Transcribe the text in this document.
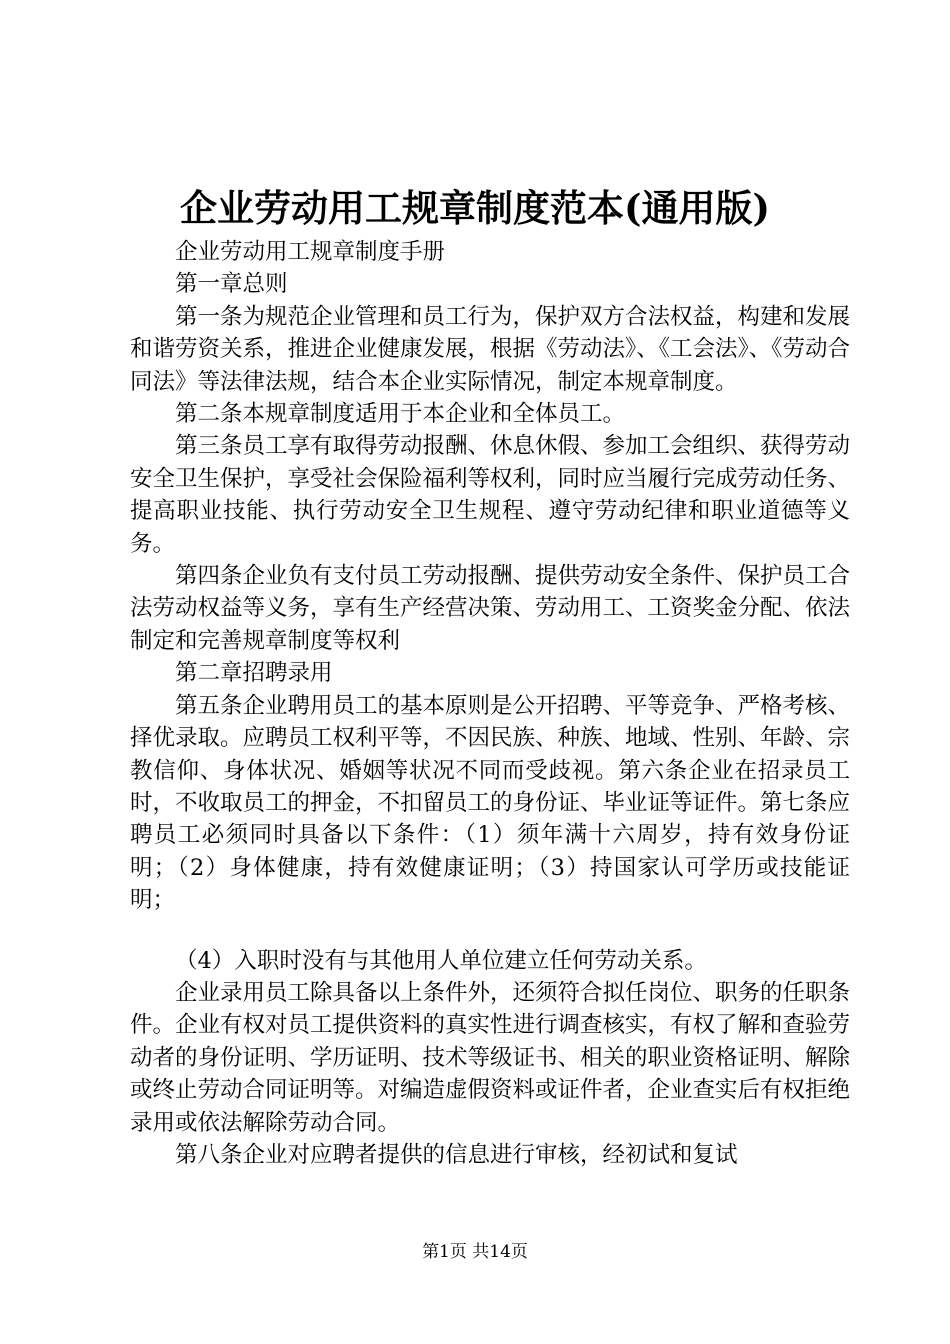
企业劳动用工规章制度范本(通用版)

企业劳动用工规章制度手册

第一章总则

第一条为规范企业管理和员工行为，保护双方合法权益，构建和发展和谐劳资关系，推进企业健康发展，根据《劳动法》、《工会法》、《劳动合同法》等法律法规，结合本企业实际情况，制定本规章制度。

第二条本规章制度适用于本企业和全体员工。

第三条员工享有取得劳动报酬、休息休假、参加工会组织、获得劳动安全卫生保护，享受社会保险福利等权利，同时应当履行完成劳动任务、提高职业技能、执行劳动安全卫生规程、遵守劳动纪律和职业道德等义务。

第四条企业负有支付员工劳动报酬、提供劳动安全条件、保护员工合法劳动权益等义务，享有生产经营决策、劳动用工、工资奖金分配、依法制定和完善规章制度等权利

第二章招聘录用

第五条企业聘用员工的基本原则是公开招聘、平等竞争、严格考核、择优录取。应聘员工权利平等，不因民族、种族、地域、性别、年龄、宗教信仰、身体状况、婚姻等状况不同而受歧视。第六条企业在招录员工时，不收取员工的押金，不扣留员工的身份证、毕业证等证件。第七条应聘员工必须同时具备以下条件：（1）须年满十六周岁，持有效身份证明；（2）身体健康，持有效健康证明；（3）持国家认可学历或技能证明；

（4）入职时没有与其他用人单位建立任何劳动关系。

企业录用员工除具备以上条件外，还须符合拟任岗位、职务的任职条件。企业有权对员工提供资料的真实性进行调查核实，有权了解和查验劳动者的身份证明、学历证明、技术等级证书、相关的职业资格证明、解除或终止劳动合同证明等。对编造虚假资料或证件者，企业查实后有权拒绝录用或依法解除劳动合同。

第八条企业对应聘者提供的信息进行审核，经初试和复试

第1页 共14页
